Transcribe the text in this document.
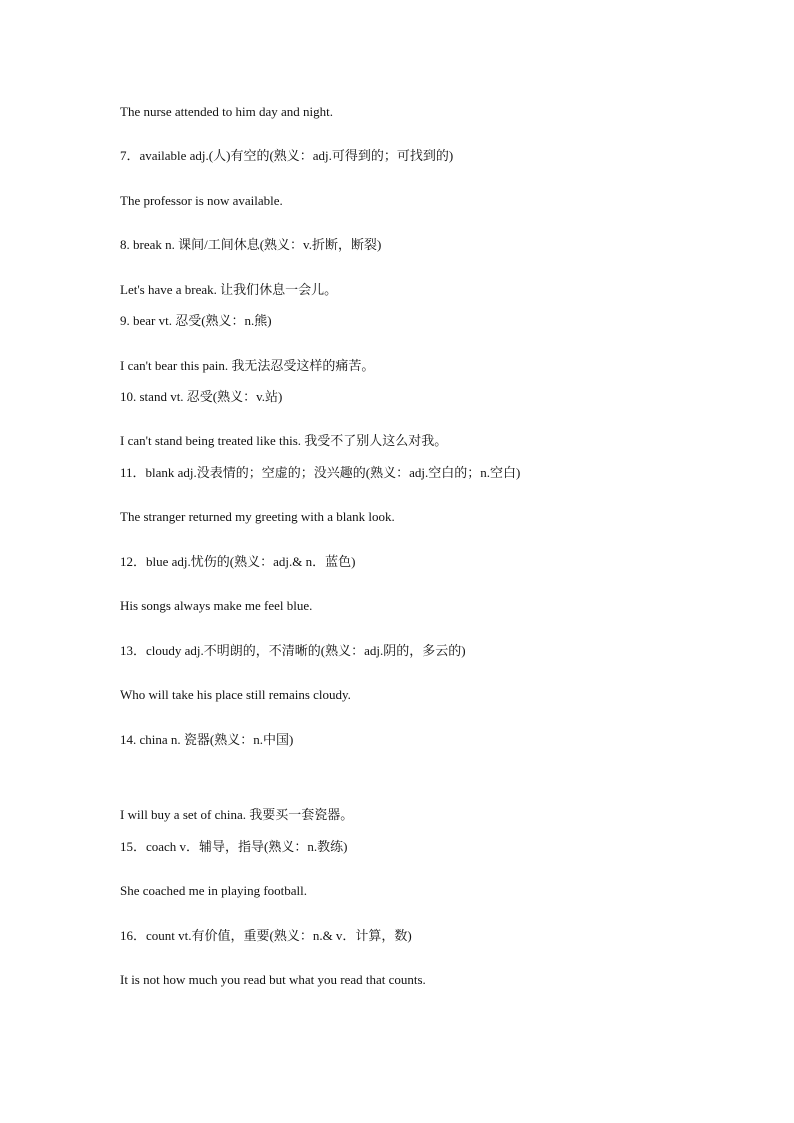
The nurse attended to him day and night.
7．available adj.(人)有空的(熟义：adj.可得到的；可找到的)
The professor is now available.
8. break n. 课间/工间休息(熟义：v.折断，断裂)
Let's have a break. 让我们休息一会儿。
9. bear vt. 忍受(熟义：n.熊)
I can't bear this pain. 我无法忍受这样的痛苦。
10. stand vt. 忍受(熟义：v.站)
I can't stand being treated like this. 我受不了别人这么对我。
11．blank adj.没表情的；空虚的；没兴趣的(熟义：adj.空白的；n.空白)
The stranger returned my greeting with a blank look.
12．blue adj.忧伤的(熟义：adj.& n．蓝色)
His songs always make me feel blue.
13．cloudy adj.不明朗的，不清晰的(熟义：adj.阴的，多云的)
Who will take his place still remains cloudy.
14. china n. 瓷器(熟义：n.中国)
I will buy a set of china. 我要买一套瓷器。
15．coach v．辅导，指导(熟义：n.教练)
She coached me in playing football.
16．count vt.有价值，重要(熟义：n.& v．计算，数)
It is not how much you read but what you read that counts.
